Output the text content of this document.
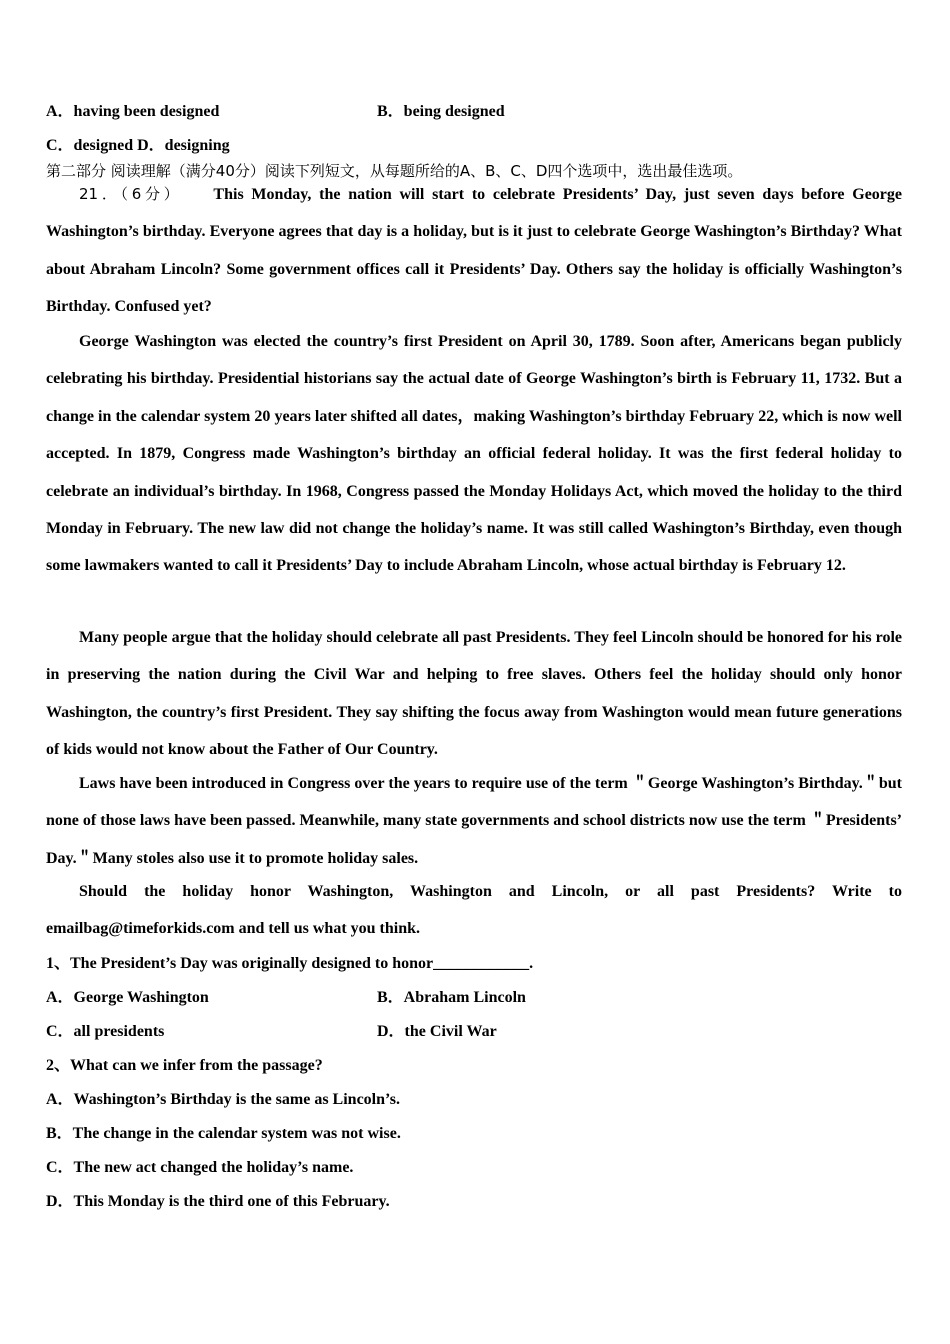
A．having been designed	B．being designed
C．designed D．designing
第二部分 阅读理解（满分40分）阅读下列短文，从每题所给的A、B、C、D四个选项中，选出最佳选项。
21．（6分） This Monday, the nation will start to celebrate Presidents’ Day, just seven days before George Washington’s birthday. Everyone agrees that day is a holiday, but is it just to celebrate George Washington’s Birthday? What about Abraham Lincoln? Some government offices call it Presidents’ Day. Others say the holiday is officially Washington’s Birthday. Confused yet?
George Washington was elected the country’s first President on April 30, 1789. Soon after, Americans began publicly celebrating his birthday. Presidential historians say the actual date of George Washington’s birth is February 11, 1732. But a change in the calendar system 20 years later shifted all dates，making Washington’s birthday February 22, which is now well accepted. In 1879, Congress made Washington’s birthday an official federal holiday. It was the first federal holiday to celebrate an individual’s birthday. In 1968, Congress passed the Monday Holidays Act, which moved the holiday to the third Monday in February. The new law did not change the holiday’s name. It was still called Washington’s Birthday, even though some lawmakers wanted to call it Presidents’ Day to include Abraham Lincoln, whose actual birthday is February 12.
Many people argue that the holiday should celebrate all past Presidents. They feel Lincoln should be honored for his role in preserving the nation during the Civil War and helping to free slaves. Others feel the holiday should only honor Washington, the country’s first President. They say shifting the focus away from Washington would mean future generations of kids would not know about the Father of Our Country.
Laws have been introduced in Congress over the years to require use of the term ＂George Washington’s Birthday.＂but none of those laws have been passed. Meanwhile, many state governments and school districts now use the term ＂Presidents’ Day.＂Many stoles also use it to promote holiday sales.
Should the holiday honor Washington, Washington and Lincoln, or all past Presidents? Write to emailbag@timeforkids.com and tell us what you think.
1、The President’s Day was originally designed to honor____________.
A．George Washington	B．Abraham Lincoln
C．all presidents	D．the Civil War
2、What can we infer from the passage?
A．Washington’s Birthday is the same as Lincoln’s.
B．The change in the calendar system was not wise.
C．The new act changed the holiday’s name.
D．This Monday is the third one of this February.
